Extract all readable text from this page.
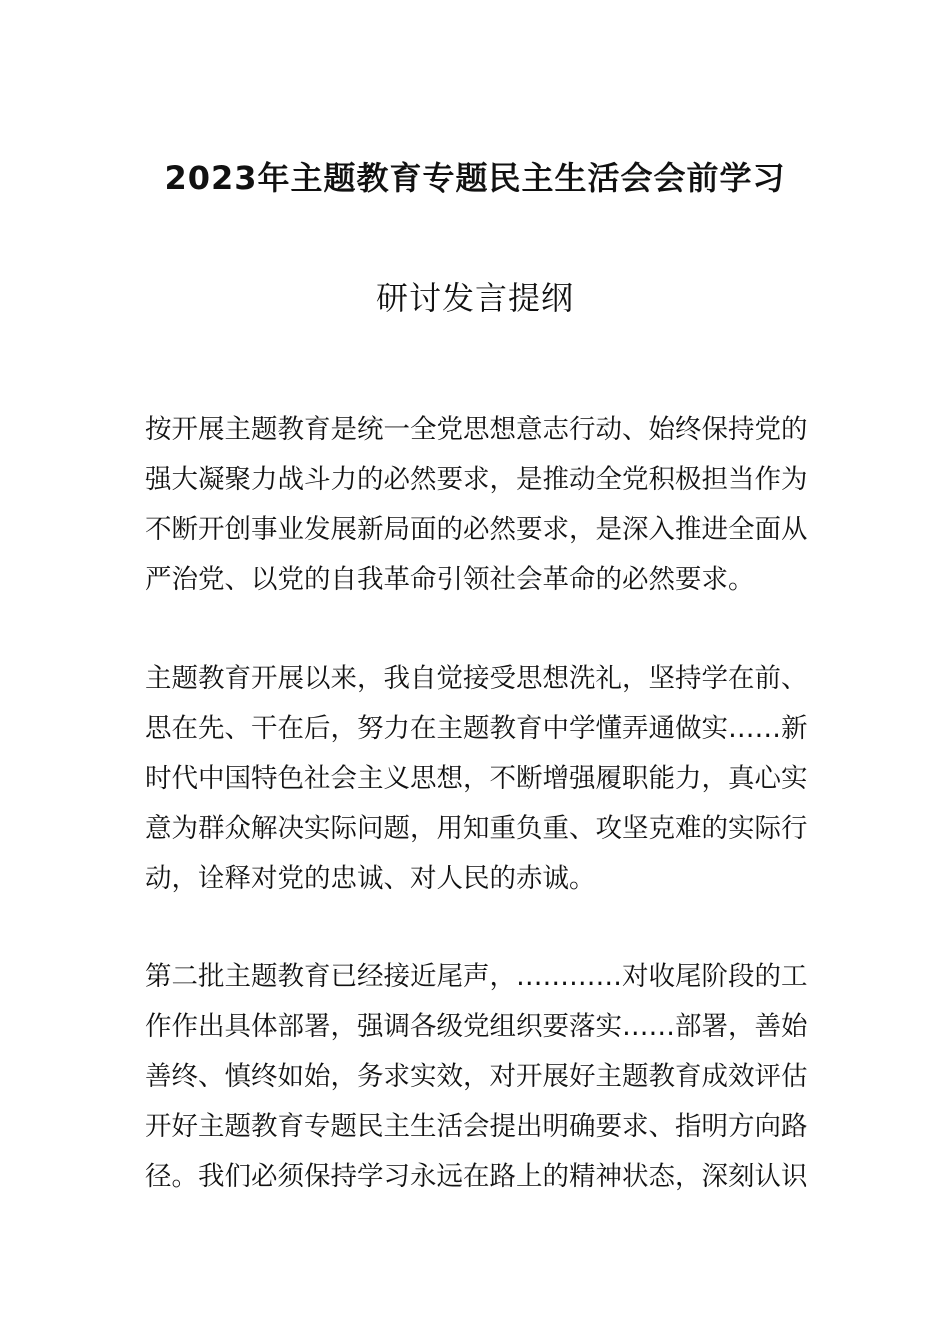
2023年主题教育专题民主生活会会前学习
研讨发言提纲
按开展主题教育是统一全党思想意志行动、始终保持党的
强大凝聚力战斗力的必然要求，是推动全党积极担当作为
不断开创事业发展新局面的必然要求，是深入推进全面从
严治党、以党的自我革命引领社会革命的必然要求。
主题教育开展以来，我自觉接受思想洗礼，坚持学在前、
思在先、干在后，努力在主题教育中学懂弄通做实……新
时代中国特色社会主义思想，不断增强履职能力，真心实
意为群众解决实际问题，用知重负重、攻坚克难的实际行
动，诠释对党的忠诚、对人民的赤诚。
第二批主题教育已经接近尾声，…………对收尾阶段的工
作作出具体部署，强调各级党组织要落实……部署，善始
善终、慎终如始，务求实效，对开展好主题教育成效评估
开好主题教育专题民主生活会提出明确要求、指明方向路
径。我们必须保持学习永远在路上的精神状态，深刻认识
